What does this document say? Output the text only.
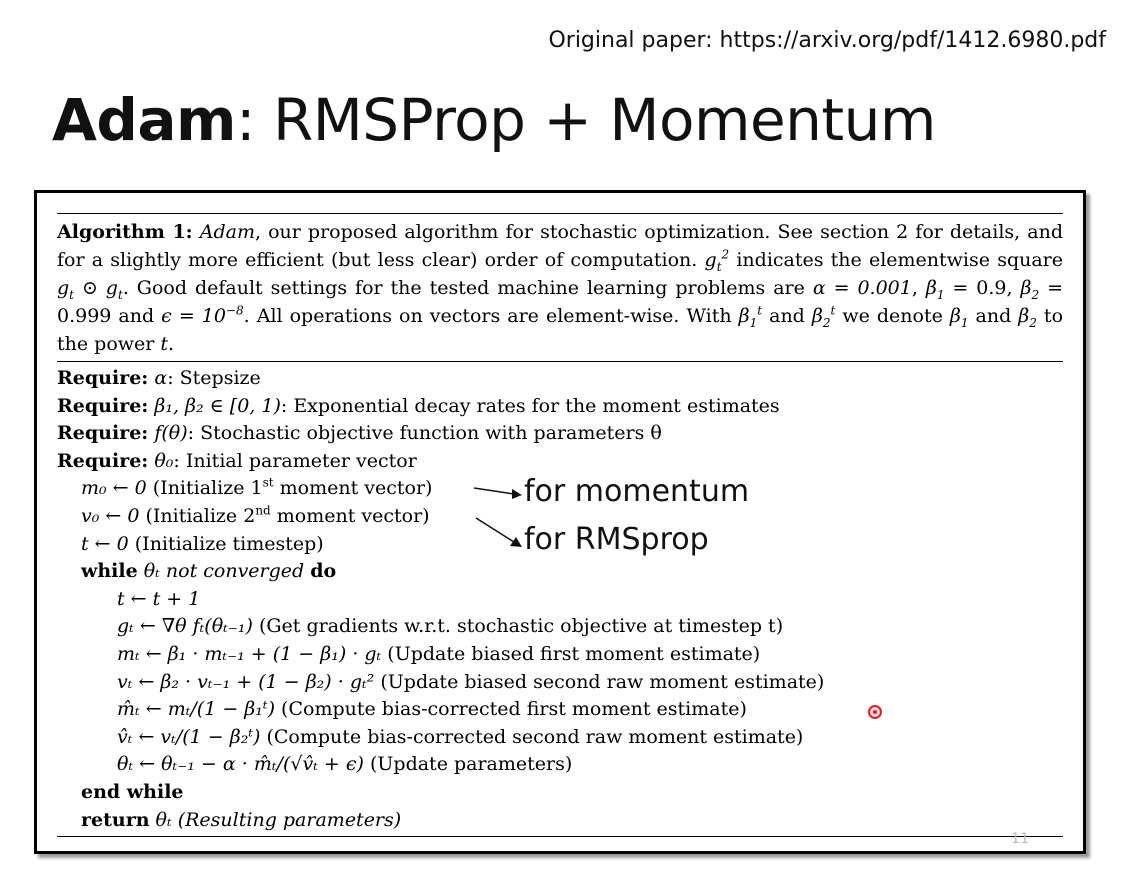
Original paper: https://arxiv.org/pdf/1412.6980.pdf
Adam: RMSProp + Momentum
Algorithm 1: Adam, our proposed algorithm for stochastic optimization. See section 2 for details, and for a slightly more efficient (but less clear) order of computation. $g_t^2$ indicates the elementwise square $g_t$ ⊙ $g_t$. Good default settings for the tested machine learning problems are α = 0.001, $\beta_1 = 0.9$, $\beta_2 = 0.999$ and $\epsilon = 10^{-8}$. All operations on vectors are element-wise. With $\beta_1^t$ and $\beta_2^t$ we denote $\beta_1$ and $\beta_2$ to the power t.
Require: α: Stepsize
Require: β₁, β₂ ∈ [0, 1): Exponential decay rates for the moment estimates
Require: f(θ): Stochastic objective function with parameters θ
Require: θ₀: Initial parameter vector
m₀ ← 0 (Initialize 1st moment vector)
v₀ ← 0 (Initialize 2nd moment vector)
t ← 0 (Initialize timestep)
while θₜ not converged do
t ← t + 1
gₜ ← ∇θ fₜ(θₜ₋₁) (Get gradients w.r.t. stochastic objective at timestep t)
mₜ ← β₁ · mₜ₋₁ + (1 − β₁) · gₜ (Update biased first moment estimate)
vₜ ← β₂ · vₜ₋₁ + (1 − β₂) · gₜ² (Update biased second raw moment estimate)
m̂ₜ ← mₜ/(1 − β₁ᵗ) (Compute bias-corrected first moment estimate)
v̂ₜ ← vₜ/(1 − β₂ᵗ) (Compute bias-corrected second raw moment estimate)
θₜ ← θₜ₋₁ − α · m̂ₜ/(√v̂ₜ + ϵ) (Update parameters)
end while
return θₜ (Resulting parameters)
11
for momentum
for RMSprop
